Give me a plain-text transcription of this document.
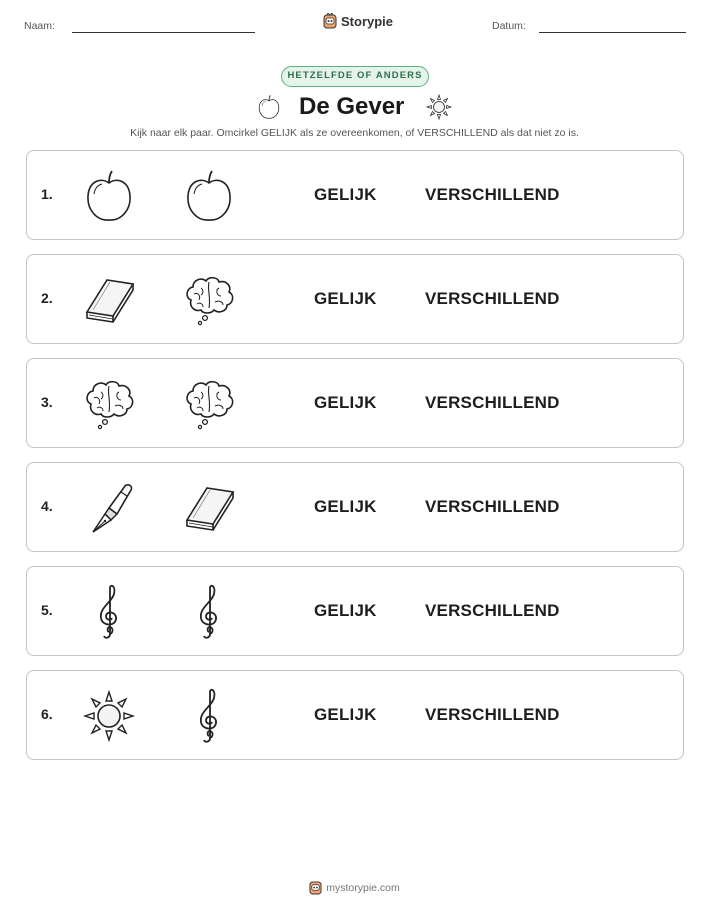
Naam:	Storypie	Datum:
HETZELFDE OF ANDERS
De Gever
Kijk naar elk paar. Omcirkel GELIJK als ze overeenkomen, of VERSCHILLEND als dat niet zo is.
1.	GELIJK	VERSCHILLEND
2.	GELIJK	VERSCHILLEND
3.	GELIJK	VERSCHILLEND
4.	GELIJK	VERSCHILLEND
5.	GELIJK	VERSCHILLEND
6.	GELIJK	VERSCHILLEND
mystorypie.com
